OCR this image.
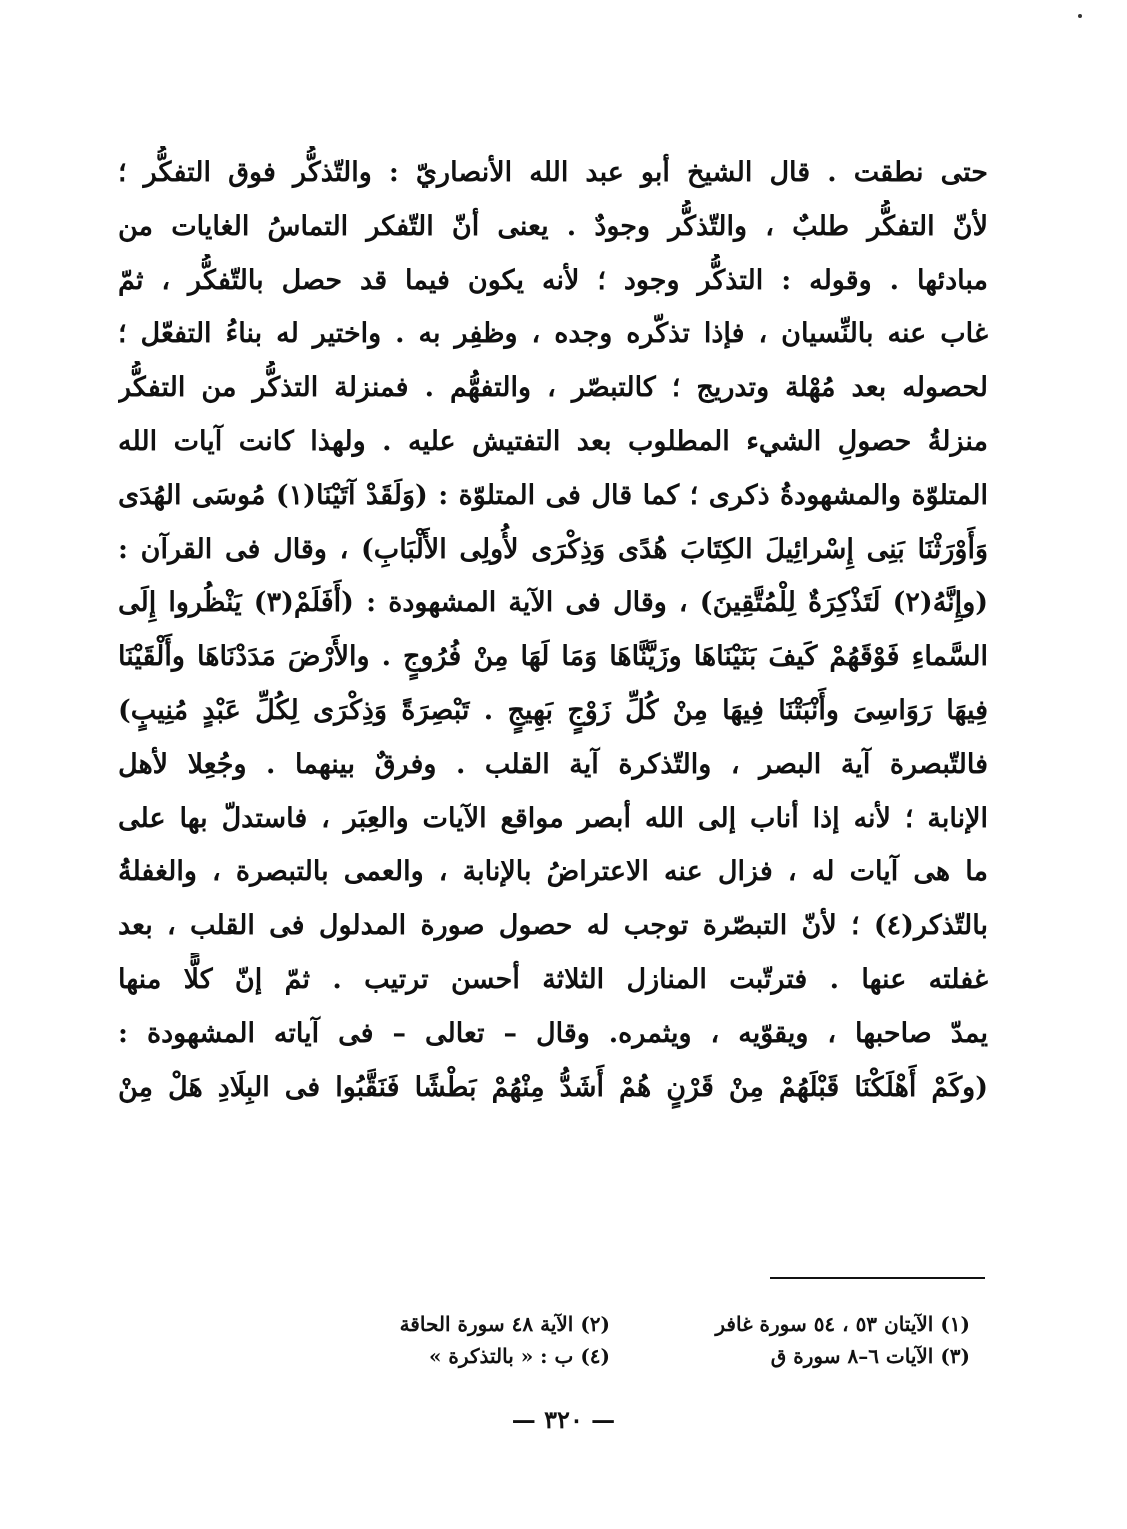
حتى نطقت . قال الشيخ أبو عبد الله الأنصاريّ : والتّذكُّر فوق التفكُّر ؛
لأنّ التفكُّر طلبٌ ، والتّذكُّر وجودٌ . يعنى أنّ التّفكر التماسُ الغايات من
مبادئها . وقوله : التذكُّر وجود ؛ لأنه يكون فيما قد حصل بالتّفكُّر ، ثمّ
غاب عنه بالنِّسيان ، فإذا تذكّره وجده ، وظفِر به . واختير له بناءُ التفعّل ؛
لحصوله بعد مُهْلة وتدريج ؛ كالتبصّر ، والتفهُّم . فمنزلة التذكُّر من التفكُّر
منزلةُ حصولِ الشيء المطلوب بعد التفتيش عليه . ولهذا كانت آيات الله
المتلوّة والمشهودةُ ذكرى ؛ كما قال فى المتلوّة : (وَلَقَدْ آتَيْنَا(١) مُوسَى الهُدَى
وَأَوْرَثْنَا بَنِى إِسْرائِيلَ الكِتَابَ هُدًى وَذِكْرَى لأُولِى الأَلْبَابِ) ، وقال فى القرآن :
(وإِنَّهُ(٢) لَتَذْكِرَةٌ لِلْمُتَّقِينَ) ، وقال فى الآية المشهودة : (أَفَلَمْ(٣) يَنْظُروا إِلَى
السَّماءِ فَوْقَهُمْ كَيفَ بَنَيْنَاهَا وزَيَّنَّاهَا وَمَا لَهَا مِنْ فُرُوجٍ . والأَرْضَ مَدَدْنَاهَا وأَلْقَيْنَا
فِيهَا رَوَاسِىَ وأَنْبَتْنَا فِيهَا مِنْ كُلِّ زَوْجٍ بَهِيجٍ . تَبْصِرَةً وَذِكْرَى لِكُلِّ عَبْدٍ مُنِيبٍ)
فالتّبصرة آية البصر ، والتّذكرة آية القلب . وفرقٌ بينهما . وجُعِلا لأهل
الإنابة ؛ لأنه إذا أناب إلى الله أبصر مواقع الآيات والعِبَر ، فاستدلّ بها على
ما هى آيات له ، فزال عنه الاعتراضُ بالإنابة ، والعمى بالتبصرة ، والغفلةُ
بالتّذكر(٤) ؛ لأنّ التبصّرة توجب له حصول صورة المدلول فى القلب ، بعد
غفلته عنها . فترتّبت المنازل الثلاثة أحسن ترتيب . ثمّ إنّ كلًّا منها
يمدّ صاحبها ، ويقوّيه ، ويثمره. وقال – تعالى – فى آياته المشهودة :
(وكَمْ أَهْلَكْنَا قَبْلَهُمْ مِنْ قَرْنٍ هُمْ أَشَدُّ مِنْهُمْ بَطْشًا فَنَقَّبُوا فى البِلَادِ هَلْ مِنْ
(١) الآيتان ٥٣ ، ٥٤ سورة غافر
(٢) الآية ٤٨ سورة الحاقة
(٣) الآيات ٦–٨ سورة ق
(٤) ب : « بالتذكرة »
— ٣٢٠ —
